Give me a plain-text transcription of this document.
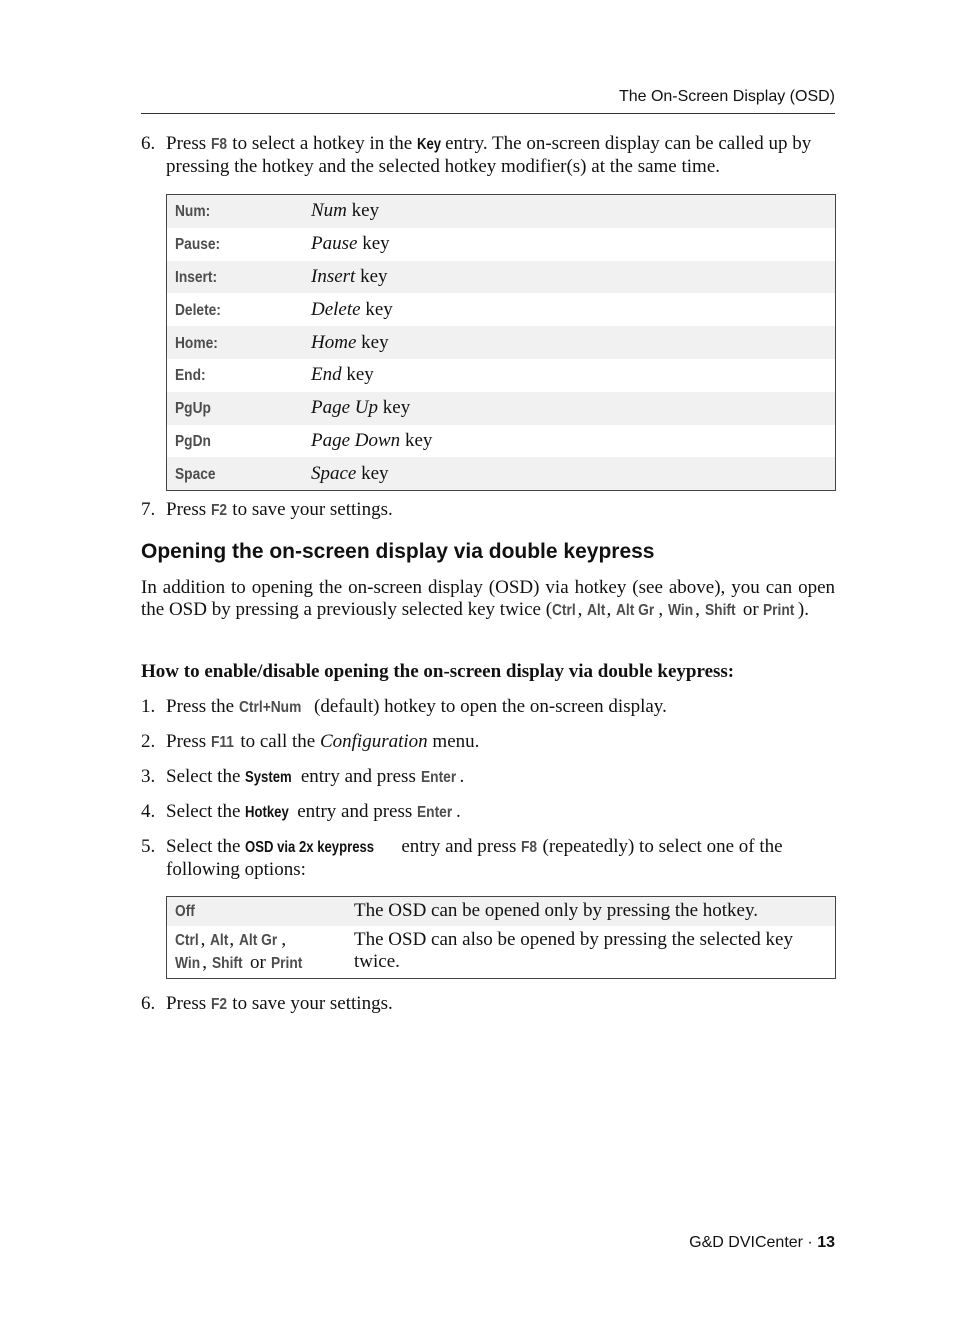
The On-Screen Display (OSD)
6. Press F8 to select a hotkey in the Key entry. The on-screen display can be called up by pressing the hotkey and the selected hotkey modifier(s) at the same time.
Num:	Num key
Pause:	Pause key
Insert:	Insert key
Delete:	Delete key
Home:	Home key
End:	End key
PgUp	Page Up key
PgDn	Page Down key
Space	Space key
7. Press F2 to save your settings.
Opening the on-screen display via double keypress
In addition to opening the on-screen display (OSD) via hotkey (see above), you can open the OSD by pressing a previously selected key twice (Ctrl, Alt, Alt Gr , Win , Shift or Print ).
How to enable/disable opening the on-screen display via double keypress:
1. Press the Ctrl+Num (default) hotkey to open the on-screen display.
2. Press F11 to call the Configuration menu.
3. Select the System entry and press Enter .
4. Select the Hotkey entry and press Enter .
5. Select the OSD via 2x keypress entry and press F8 (repeatedly) to select one of the following options:
Off	The OSD can be opened only by pressing the hotkey.
Ctrl, Alt, Alt Gr ,
Win , Shift or Print	The OSD can also be opened by pressing the selected key twice.
6. Press F2 to save your settings.
G&D DVICenter · 13
